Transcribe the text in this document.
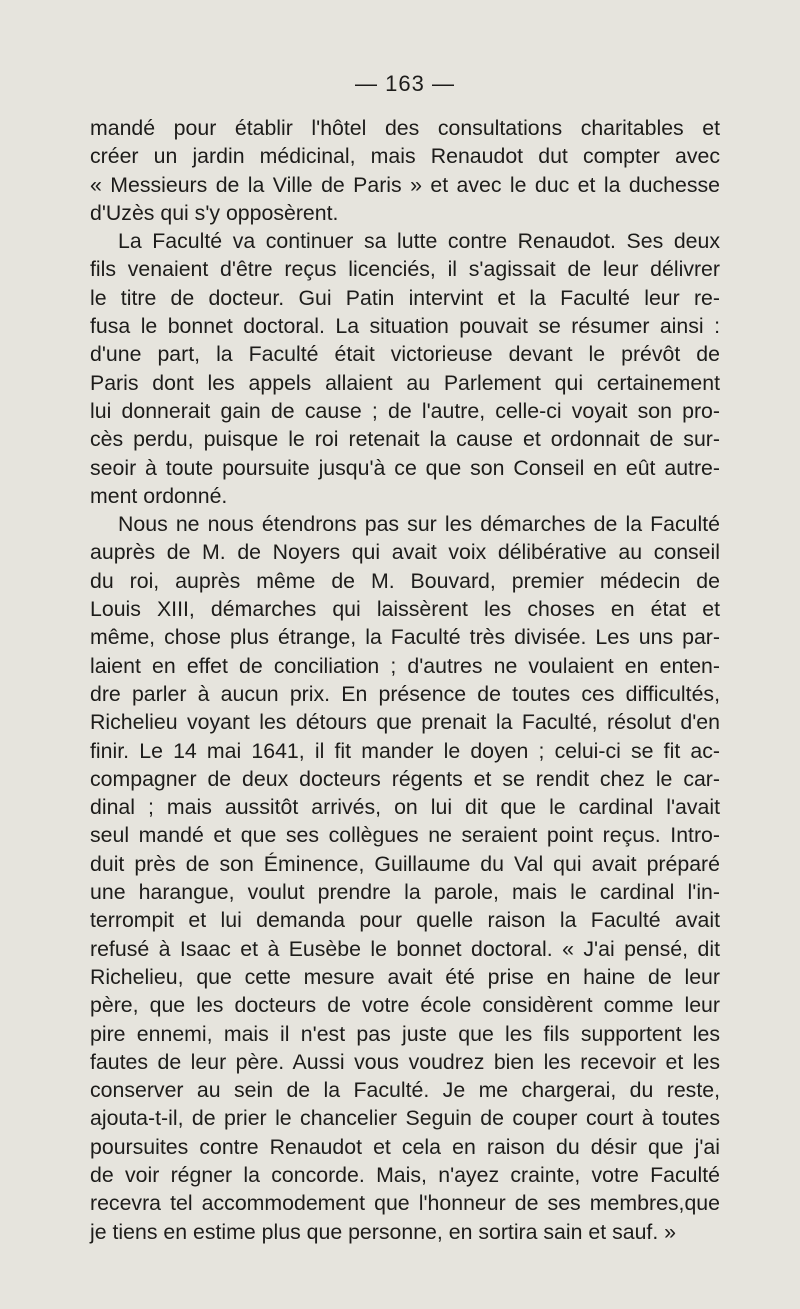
— 163 —
mandé pour établir l'hôtel des consultations charitables et
créer un jardin médicinal, mais Renaudot dut compter avec
« Messieurs de la Ville de Paris » et avec le duc et la duchesse
d'Uzès qui s'y opposèrent.
La Faculté va continuer sa lutte contre Renaudot. Ses deux
fils venaient d'être reçus licenciés, il s'agissait de leur délivrer
le titre de docteur. Gui Patin intervint et la Faculté leur re-
fusa le bonnet doctoral. La situation pouvait se résumer ainsi :
d'une part, la Faculté était victorieuse devant le prévôt de
Paris dont les appels allaient au Parlement qui certainement
lui donnerait gain de cause ; de l'autre, celle-ci voyait son pro-
cès perdu, puisque le roi retenait la cause et ordonnait de sur-
seoir à toute poursuite jusqu'à ce que son Conseil en eût autre-
ment ordonné.
Nous ne nous étendrons pas sur les démarches de la Faculté
auprès de M. de Noyers qui avait voix délibérative au conseil
du roi, auprès même de M. Bouvard, premier médecin de
Louis XIII, démarches qui laissèrent les choses en état et
même, chose plus étrange, la Faculté très divisée. Les uns par-
laient en effet de conciliation ; d'autres ne voulaient en enten-
dre parler à aucun prix. En présence de toutes ces difficultés,
Richelieu voyant les détours que prenait la Faculté, résolut d'en
finir. Le 14 mai 1641, il fit mander le doyen ; celui-ci se fit ac-
compagner de deux docteurs régents et se rendit chez le car-
dinal ; mais aussitôt arrivés, on lui dit que le cardinal l'avait
seul mandé et que ses collègues ne seraient point reçus. Intro-
duit près de son Éminence, Guillaume du Val qui avait préparé
une harangue, voulut prendre la parole, mais le cardinal l'in-
terrompit et lui demanda pour quelle raison la Faculté avait
refusé à Isaac et à Eusèbe le bonnet doctoral. « J'ai pensé, dit
Richelieu, que cette mesure avait été prise en haine de leur
père, que les docteurs de votre école considèrent comme leur
pire ennemi, mais il n'est pas juste que les fils supportent les
fautes de leur père. Aussi vous voudrez bien les recevoir et les
conserver au sein de la Faculté. Je me chargerai, du reste,
ajouta-t-il, de prier le chancelier Seguin de couper court à toutes
poursuites contre Renaudot et cela en raison du désir que j'ai
de voir régner la concorde. Mais, n'ayez crainte, votre Faculté
recevra tel accommodement que l'honneur de ses membres,que
je tiens en estime plus que personne, en sortira sain et sauf. »
